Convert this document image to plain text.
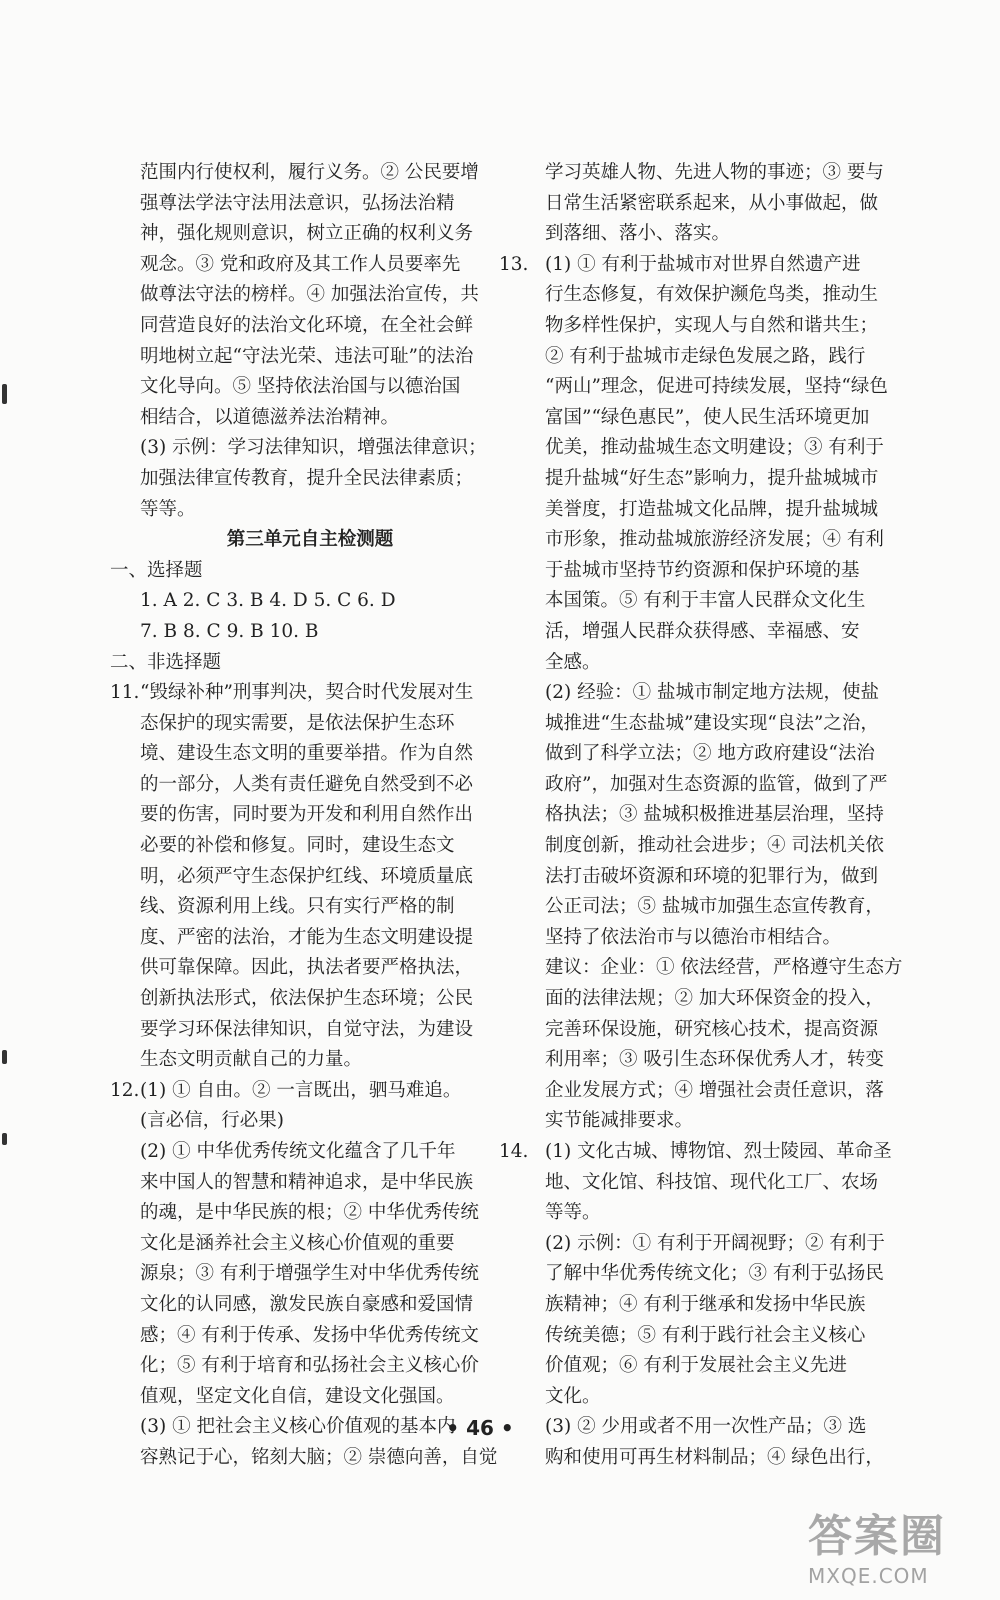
范围内行使权利，履行义务。② 公民要增
强尊法学法守法用法意识，弘扬法治精
神，强化规则意识，树立正确的权利义务
观念。③ 党和政府及其工作人员要率先
做尊法守法的榜样。④ 加强法治宣传，共
同营造良好的法治文化环境，在全社会鲜
明地树立起“守法光荣、违法可耻”的法治
文化导向。⑤ 坚持依法治国与以德治国
相结合，以道德滋养法治精神。
(3) 示例：学习法律知识，增强法律意识；
加强法律宣传教育，提升全民法律素质；
等等。
第三单元自主检测题
一、选择题
1. A 2. C 3. B 4. D 5. C 6. D
7. B 8. C 9. B 10. B
二、非选择题
11. “毁绿补种”刑事判决，契合时代发展对生
态保护的现实需要，是依法保护生态环
境、建设生态文明的重要举措。作为自然
的一部分，人类有责任避免自然受到不必
要的伤害，同时要为开发和利用自然作出
必要的补偿和修复。同时，建设生态文
明，必须严守生态保护红线、环境质量底
线、资源利用上线。只有实行严格的制
度、严密的法治，才能为生态文明建设提
供可靠保障。因此，执法者要严格执法，
创新执法形式，依法保护生态环境；公民
要学习环保法律知识，自觉守法，为建设
生态文明贡献自己的力量。
12. (1) ① 自由。② 一言既出，驷马难追。
(言必信，行必果)
(2) ① 中华优秀传统文化蕴含了几千年
来中国人的智慧和精神追求，是中华民族
的魂，是中华民族的根；② 中华优秀传统
文化是涵养社会主义核心价值观的重要
源泉；③ 有利于增强学生对中华优秀传统
文化的认同感，激发民族自豪感和爱国情
感；④ 有利于传承、发扬中华优秀传统文
化；⑤ 有利于培育和弘扬社会主义核心价
值观，坚定文化自信，建设文化强国。
(3) ① 把社会主义核心价值观的基本内
容熟记于心，铭刻大脑；② 崇德向善，自觉
学习英雄人物、先进人物的事迹；③ 要与
日常生活紧密联系起来，从小事做起，做
到落细、落小、落实。
13. (1) ① 有利于盐城市对世界自然遗产进
行生态修复，有效保护濒危鸟类，推动生
物多样性保护，实现人与自然和谐共生；
② 有利于盐城市走绿色发展之路，践行
“两山”理念，促进可持续发展，坚持“绿色
富国”“绿色惠民”，使人民生活环境更加
优美，推动盐城生态文明建设；③ 有利于
提升盐城“好生态”影响力，提升盐城城市
美誉度，打造盐城文化品牌，提升盐城城
市形象，推动盐城旅游经济发展；④ 有利
于盐城市坚持节约资源和保护环境的基
本国策。⑤ 有利于丰富人民群众文化生
活，增强人民群众获得感、幸福感、安
全感。
(2) 经验：① 盐城市制定地方法规，使盐
城推进“生态盐城”建设实现“良法”之治，
做到了科学立法；② 地方政府建设“法治
政府”，加强对生态资源的监管，做到了严
格执法；③ 盐城积极推进基层治理，坚持
制度创新，推动社会进步；④ 司法机关依
法打击破坏资源和环境的犯罪行为，做到
公正司法；⑤ 盐城市加强生态宣传教育，
坚持了依法治市与以德治市相结合。
建议：企业：① 依法经营，严格遵守生态方
面的法律法规；② 加大环保资金的投入，
完善环保设施，研究核心技术，提高资源
利用率；③ 吸引生态环保优秀人才，转变
企业发展方式；④ 增强社会责任意识，落
实节能减排要求。
14. (1) 文化古城、博物馆、烈士陵园、革命圣
地、文化馆、科技馆、现代化工厂、农场
等等。
(2) 示例：① 有利于开阔视野；② 有利于
了解中华优秀传统文化；③ 有利于弘扬民
族精神；④ 有利于继承和发扬中华民族
传统美德；⑤ 有利于践行社会主义核心
价值观；⑥ 有利于发展社会主义先进
文化。
(3) ② 少用或者不用一次性产品；③ 选
购和使用可再生材料制品；④ 绿色出行，
• 46 •
答案圈
MXQE.COM
